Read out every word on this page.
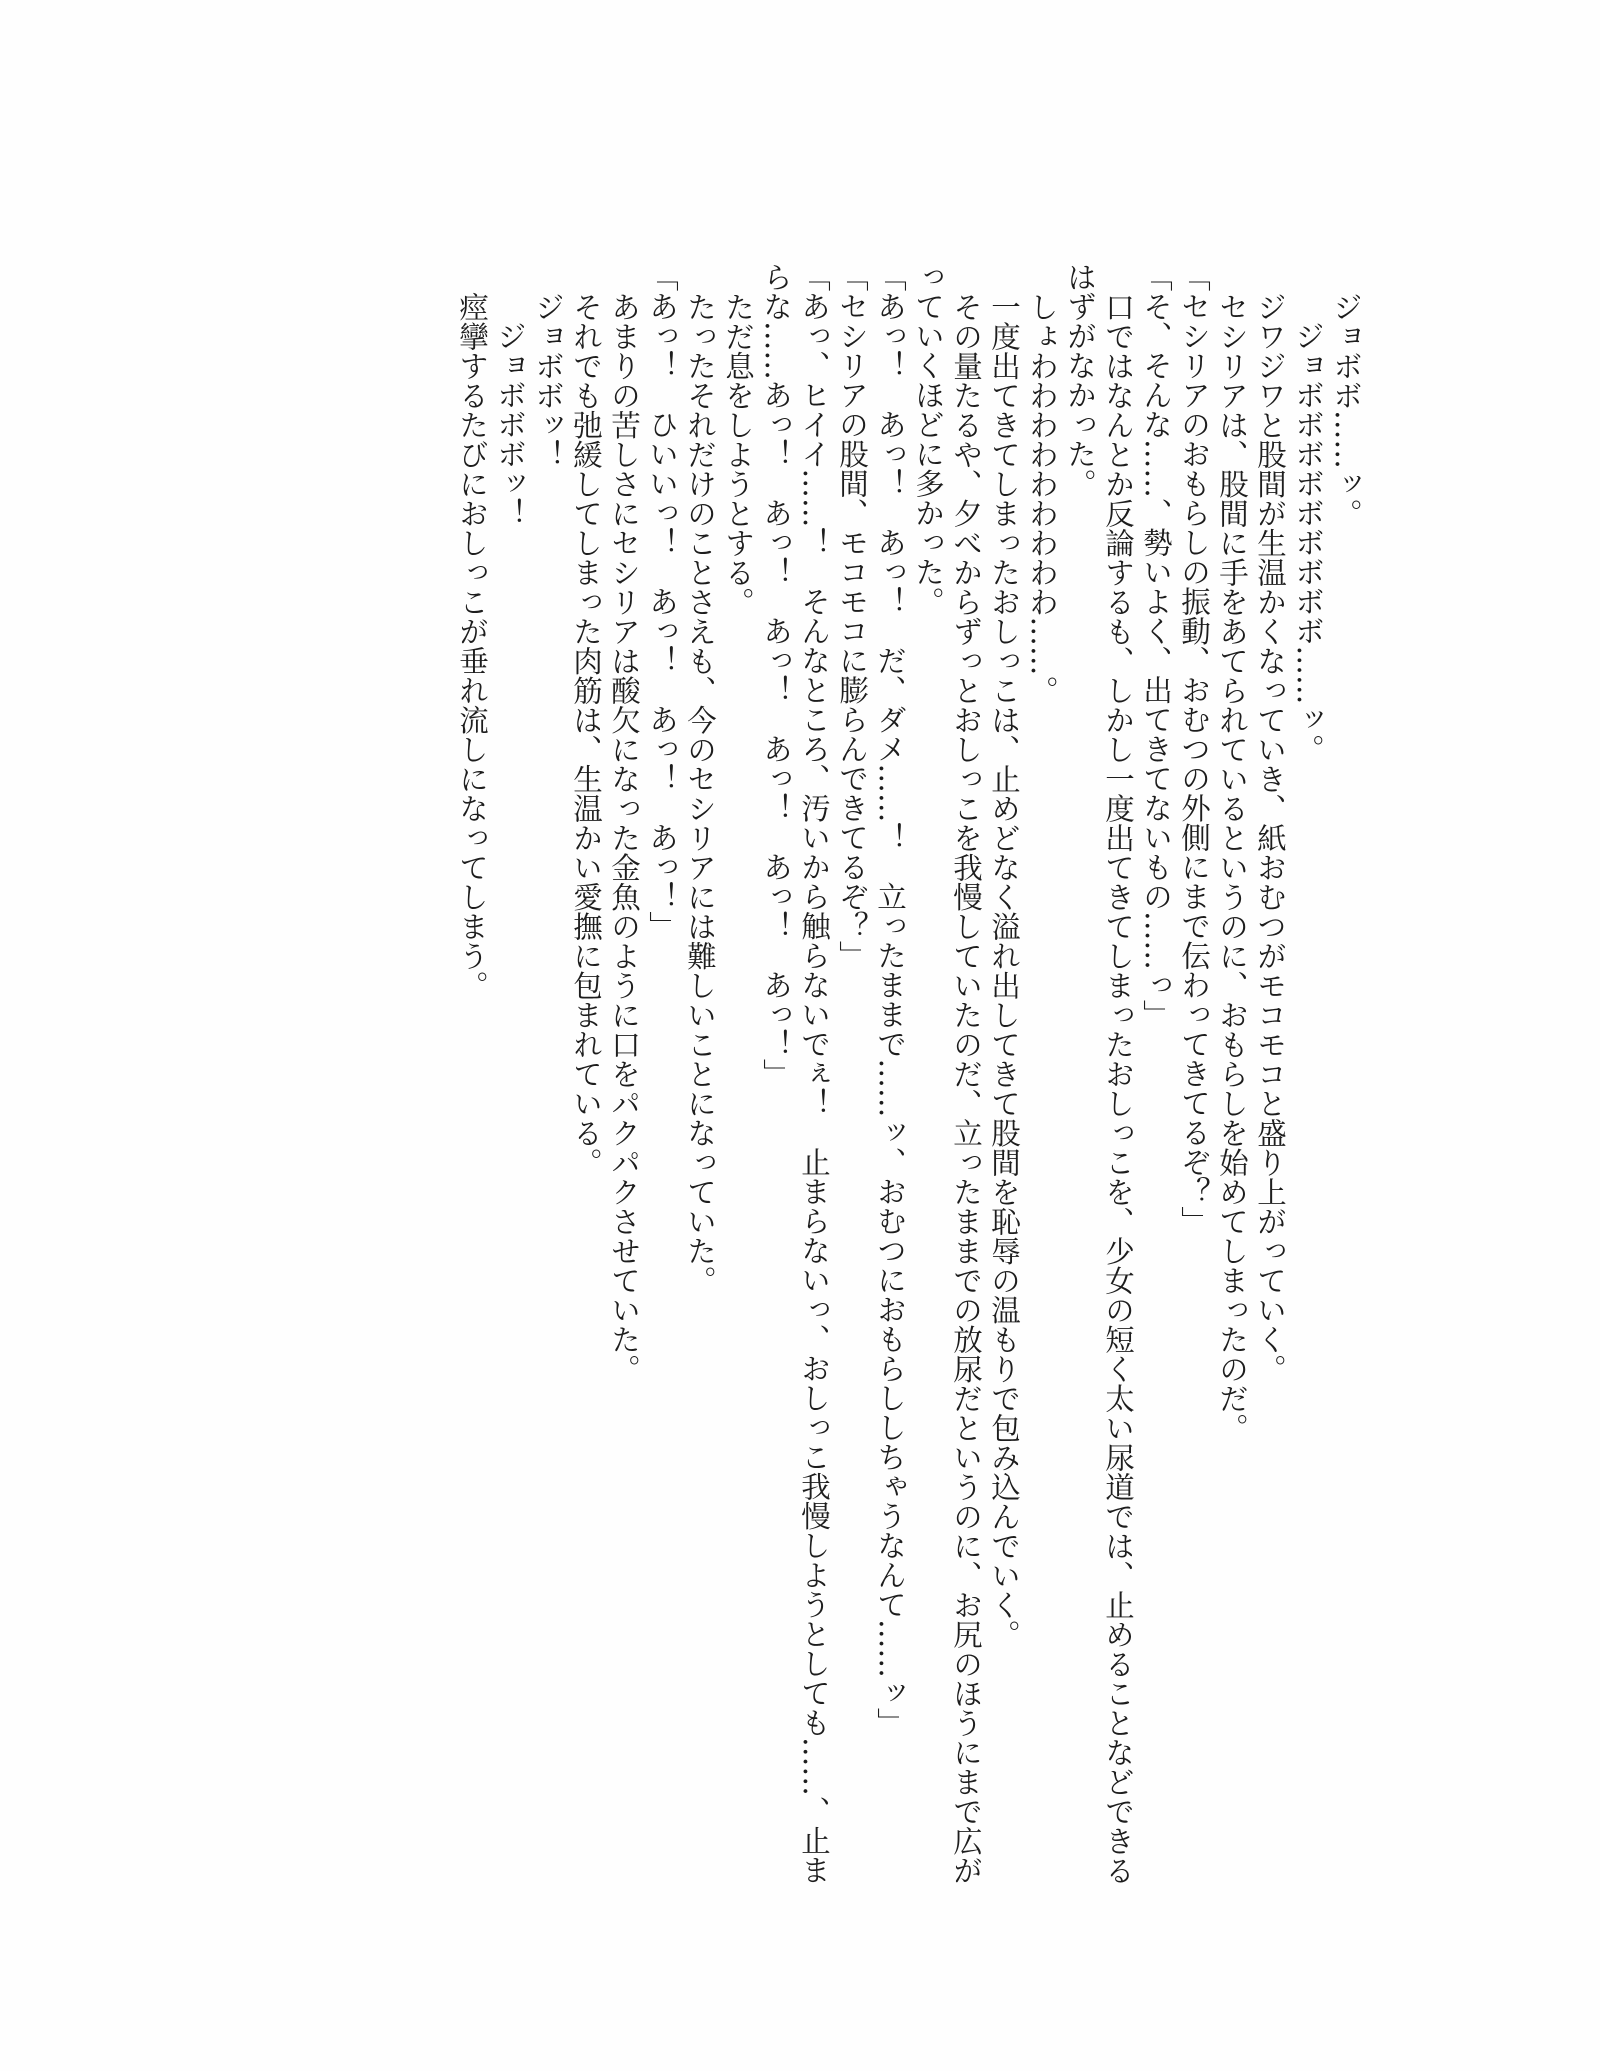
ジョボボ……ッ。

ジョボボボボボボボボボ……ッ。

ジワジワと股間が生温かくなっていき、紙おむつがモコモコと盛り上がっていく。

セシリアは、股間に手をあてられているというのに、おもらしを始めてしまったのだ。

「セシリアのおもらしの振動、おむつの外側にまで伝わってきてるぞ？」

「そ、そんな……、勢いよく、出てきてないもの……っ」

口ではなんとか反論するも、しかし一度出てきてしまったおしっこを、少女の短く太い尿道では、止めることなどできる

はずがなかった。

しょわわわわわわわわわ……。

一度出てきてしまったおしっこは、止めどなく溢れ出してきて股間を恥辱の温もりで包み込んでいく。

その量たるや、夕べからずっとおしっこを我慢していたのだ、立ったままでの放尿だというのに、お尻のほうにまで広が

っていくほどに多かった。

「あっ！　あっ！　あっ！　だ、ダメ……！　立ったままで……ッ、おむつにおもらししちゃうなんて……ッ」

「セシリアの股間、モコモコに膨らんできてるぞ？」

「あっ、ヒイイ……！　そんなところ、汚いから触らないでぇ！　止まらないっ、おしっこ我慢しようとしても……、止ま

らな……あっ！　あっ！　あっ！　あっ！　あっ！　あっ！」

ただ息をしようとする。

たったそれだけのことさえも、今のセシリアには難しいことになっていた。

「あっ！　ひいいっ！　あっ！　あっ！　あっ！」

あまりの苦しさにセシリアは酸欠になった金魚のように口をパクパクさせていた。

それでも弛緩してしまった肉筋は、生温かい愛撫に包まれている。

ジョボボッ！

ジョボボボッ！

痙攣するたびにおしっこが垂れ流しになってしまう。
